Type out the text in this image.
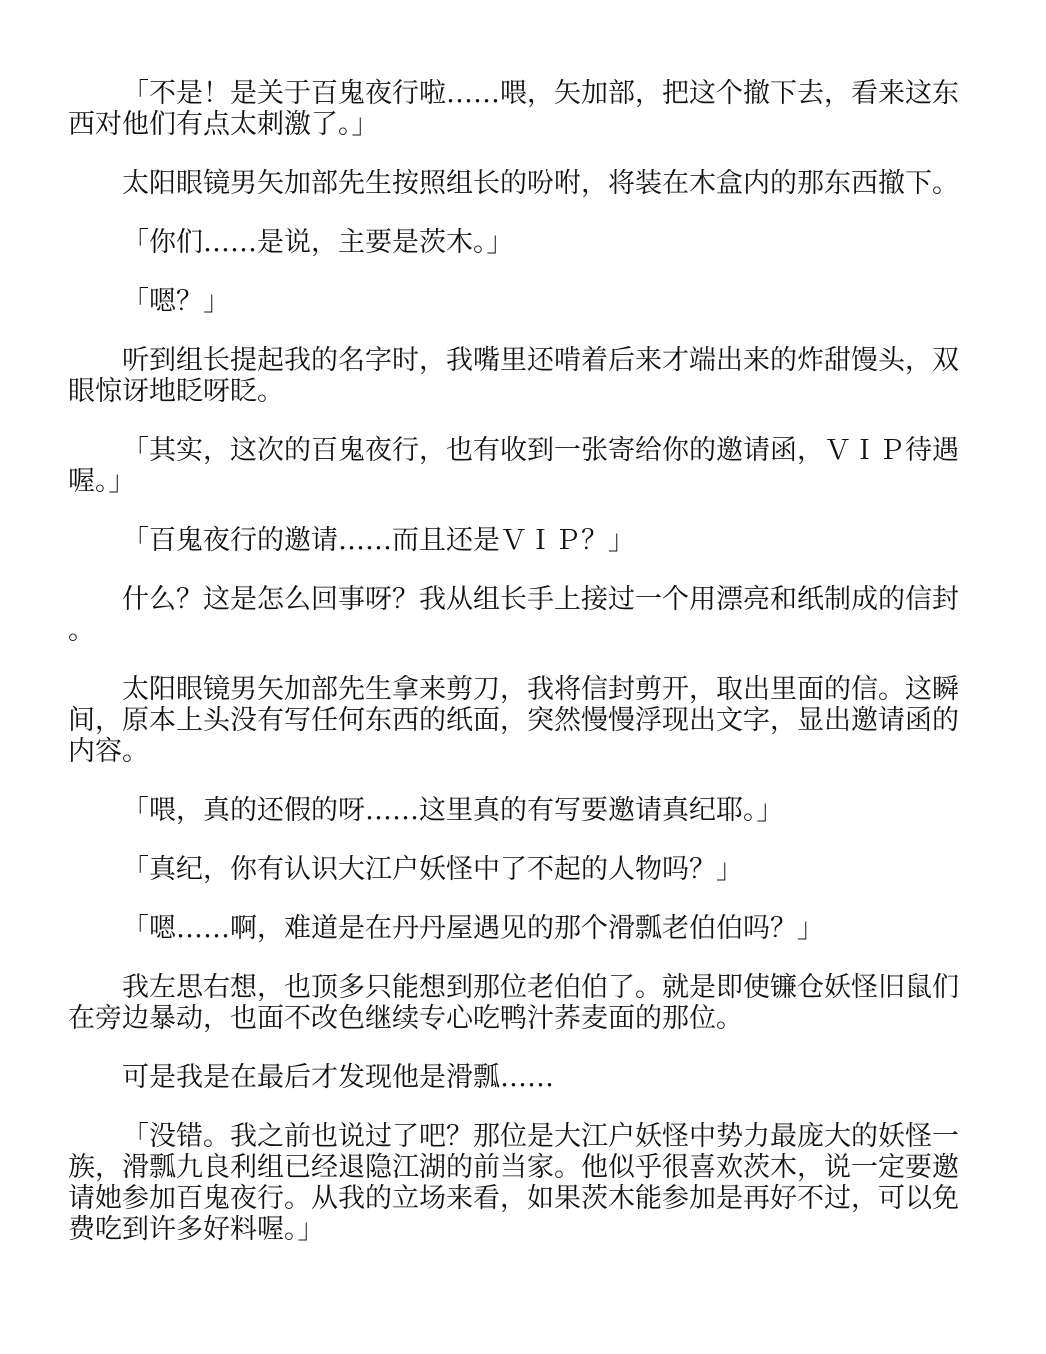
「不是！是关于百鬼夜行啦……喂，矢加部，把这个撤下去，看来这东西对他们有点太刺激了。」

太阳眼镜男矢加部先生按照组长的吩咐，将装在木盒内的那东西撤下。

「你们……是说，主要是茨木。」

「嗯？」

听到组长提起我的名字时，我嘴里还啃着后来才端出来的炸甜馒头，双眼惊讶地眨呀眨。

「其实，这次的百鬼夜行，也有收到一张寄给你的邀请函，ＶＩＰ待遇喔。」

「百鬼夜行的邀请……而且还是ＶＩＰ？」

什么？这是怎么回事呀？我从组长手上接过一个用漂亮和纸制成的信封。

太阳眼镜男矢加部先生拿来剪刀，我将信封剪开，取出里面的信。这瞬间，原本上头没有写任何东西的纸面，突然慢慢浮现出文字，显出邀请函的内容。

「喂，真的还假的呀……这里真的有写要邀请真纪耶。」

「真纪，你有认识大江户妖怪中了不起的人物吗？」

「嗯……啊，难道是在丹丹屋遇见的那个滑瓢老伯伯吗？」

我左思右想，也顶多只能想到那位老伯伯了。就是即使镰仓妖怪旧鼠们在旁边暴动，也面不改色继续专心吃鸭汁荞麦面的那位。

可是我是在最后才发现他是滑瓢……

「没错。我之前也说过了吧？那位是大江户妖怪中势力最庞大的妖怪一族，滑瓢九良利组已经退隐江湖的前当家。他似乎很喜欢茨木，说一定要邀请她参加百鬼夜行。从我的立场来看，如果茨木能参加是再好不过，可以免费吃到许多好料喔。」
